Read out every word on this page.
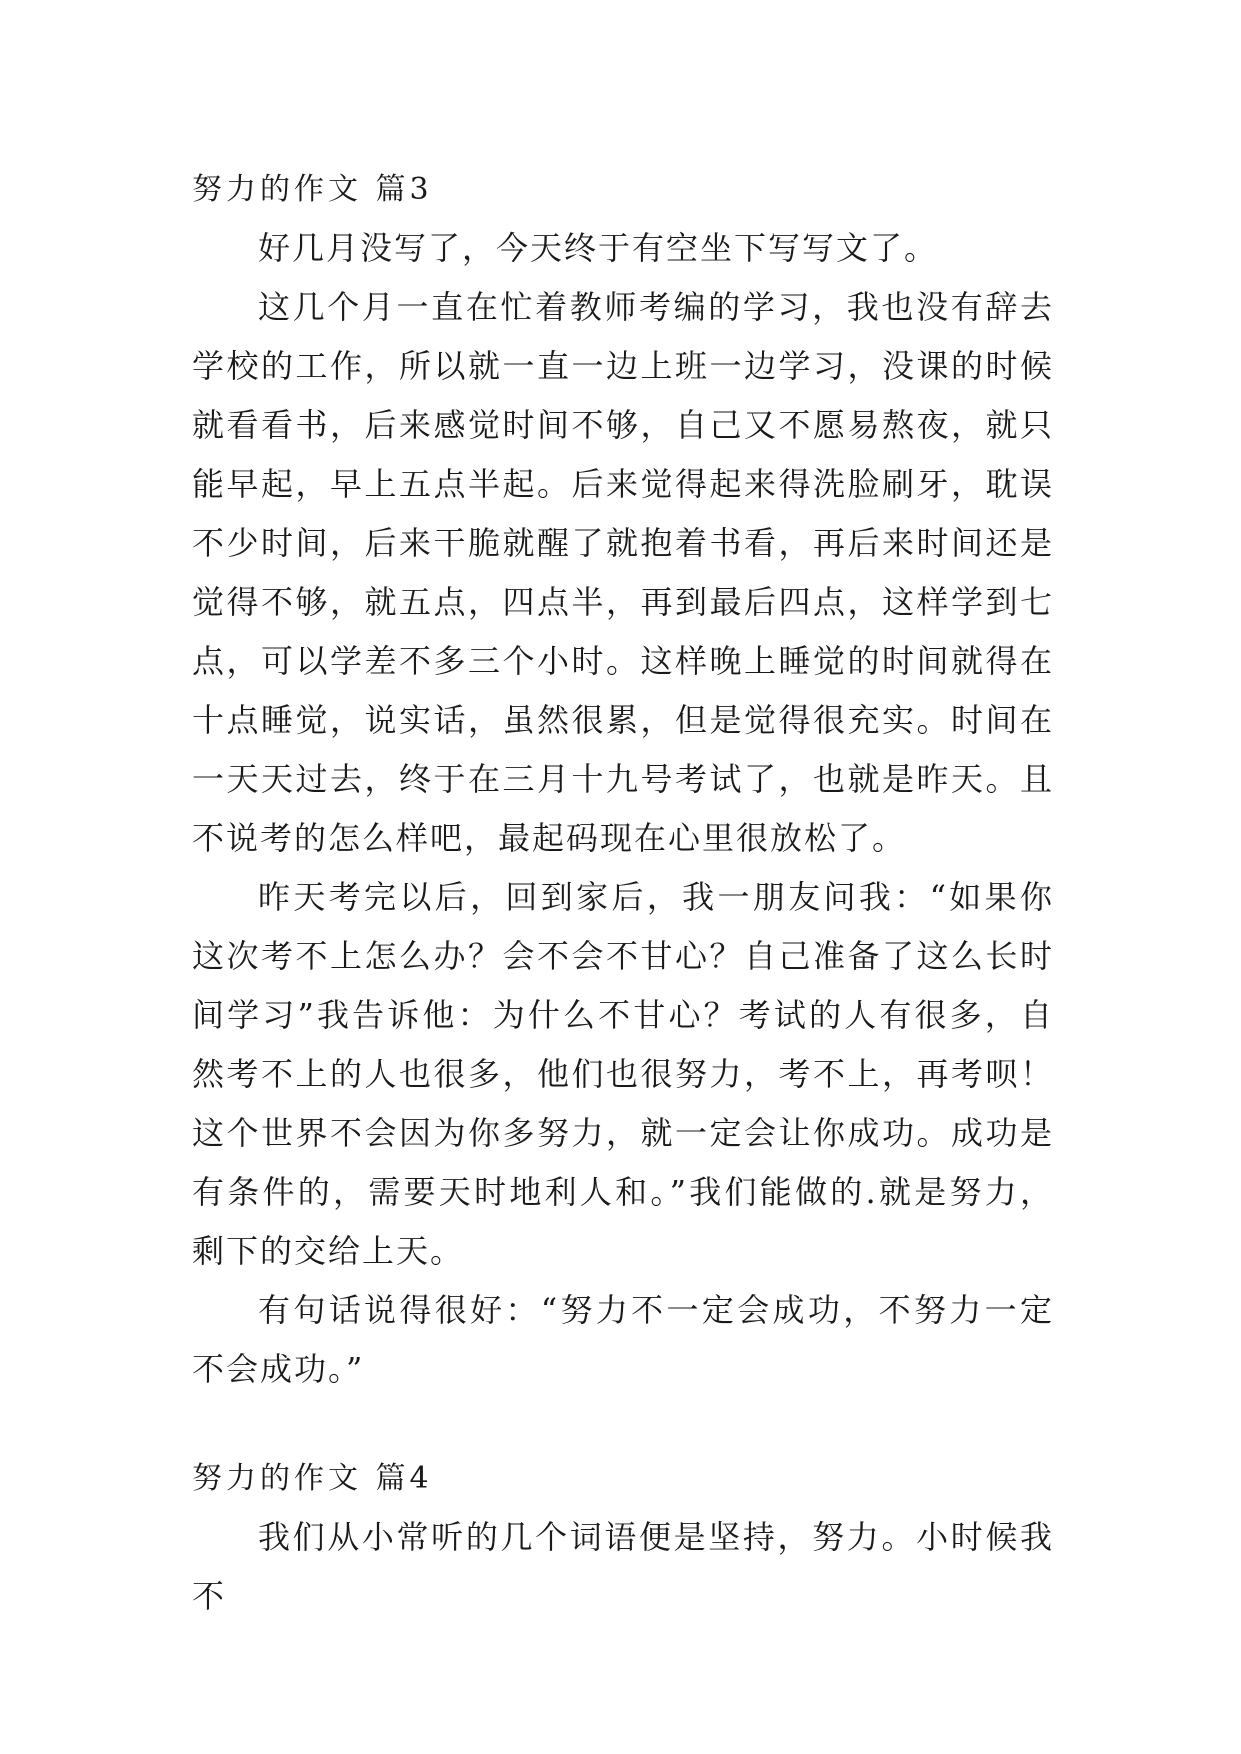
努力的作文 篇3

好几月没写了，今天终于有空坐下写写文了。

这几个月一直在忙着教师考编的学习，我也没有辞去学校的工作，所以就一直一边上班一边学习，没课的时候就看看书，后来感觉时间不够，自己又不愿易熬夜，就只能早起，早上五点半起。后来觉得起来得洗脸刷牙，耽误不少时间，后来干脆就醒了就抱着书看，再后来时间还是觉得不够，就五点，四点半，再到最后四点，这样学到七点，可以学差不多三个小时。这样晚上睡觉的时间就得在十点睡觉，说实话，虽然很累，但是觉得很充实。时间在一天天过去，终于在三月十九号考试了，也就是昨天。且不说考的怎么样吧，最起码现在心里很放松了。

昨天考完以后，回到家后，我一朋友问我：“如果你这次考不上怎么办？会不会不甘心？自己准备了这么长时间学习”我告诉他：为什么不甘心？考试的人有很多，自然考不上的人也很多，他们也很努力，考不上，再考呗！这个世界不会因为你多努力，就一定会让你成功。成功是有条件的，需要天时地利人和。”我们能做的.就是努力，剩下的交给上天。

有句话说得很好：“努力不一定会成功，不努力一定不会成功。”

努力的作文 篇4

我们从小常听的几个词语便是坚持，努力。小时候我不
